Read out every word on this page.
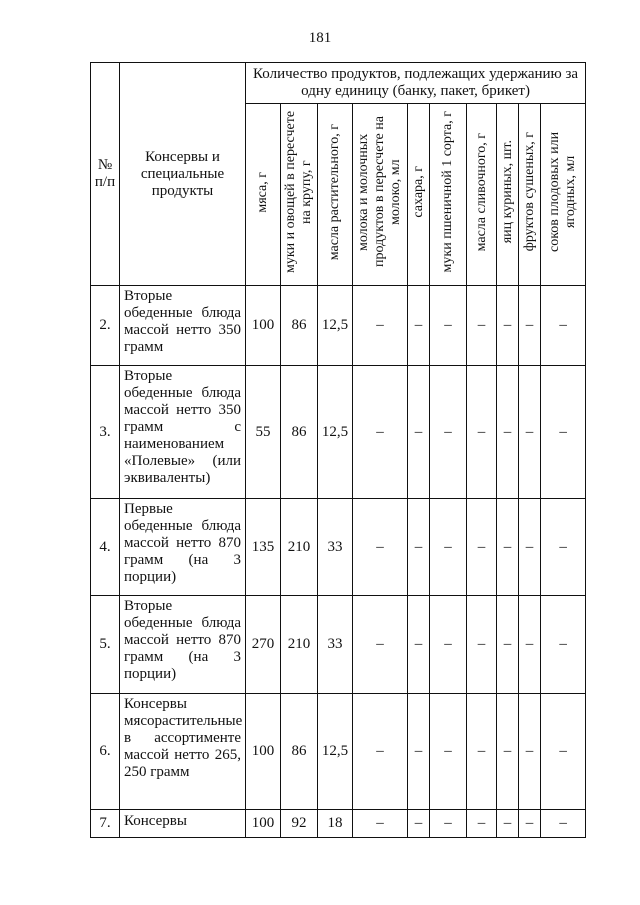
181
№ п/п	Консервы и специальные продукты	Количество продуктов, подлежащих удержанию за одну единицу (банку, пакет, брикет)									
		мяса, г	муки и овощей в пересчете на крупу, г	масла растительного, г	молока и молочных продуктов в пересчете на молоко, мл	сахара, г	муки пшеничной 1 сорта, г	масла сливочного, г	яиц куриных, шт.	фруктов сушеных, г	соков плодовых или ягодных, мл
2.	Вторые обеденные блюда массой нетто 350 грамм	100	86	12,5	–	–	–	–	–	–	–
3.	Вторые обеденные блюда массой нетто 350 грамм с наименованием «Полевые» (или эквиваленты)	55	86	12,5	–	–	–	–	–	–	–
4.	Первые обеденные блюда массой нетто 870 грамм (на 3 порции)	135	210	33	–	–	–	–	–	–	–
5.	Вторые обеденные блюда массой нетто 870 грамм (на 3 порции)	270	210	33	–	–	–	–	–	–	–
6.	Консервы мясорастительные в ассортименте массой нетто 265, 250 грамм	100	86	12,5	–	–	–	–	–	–	–
7.	Консервы	100	92	18	–	–	–	–	–	–	–
